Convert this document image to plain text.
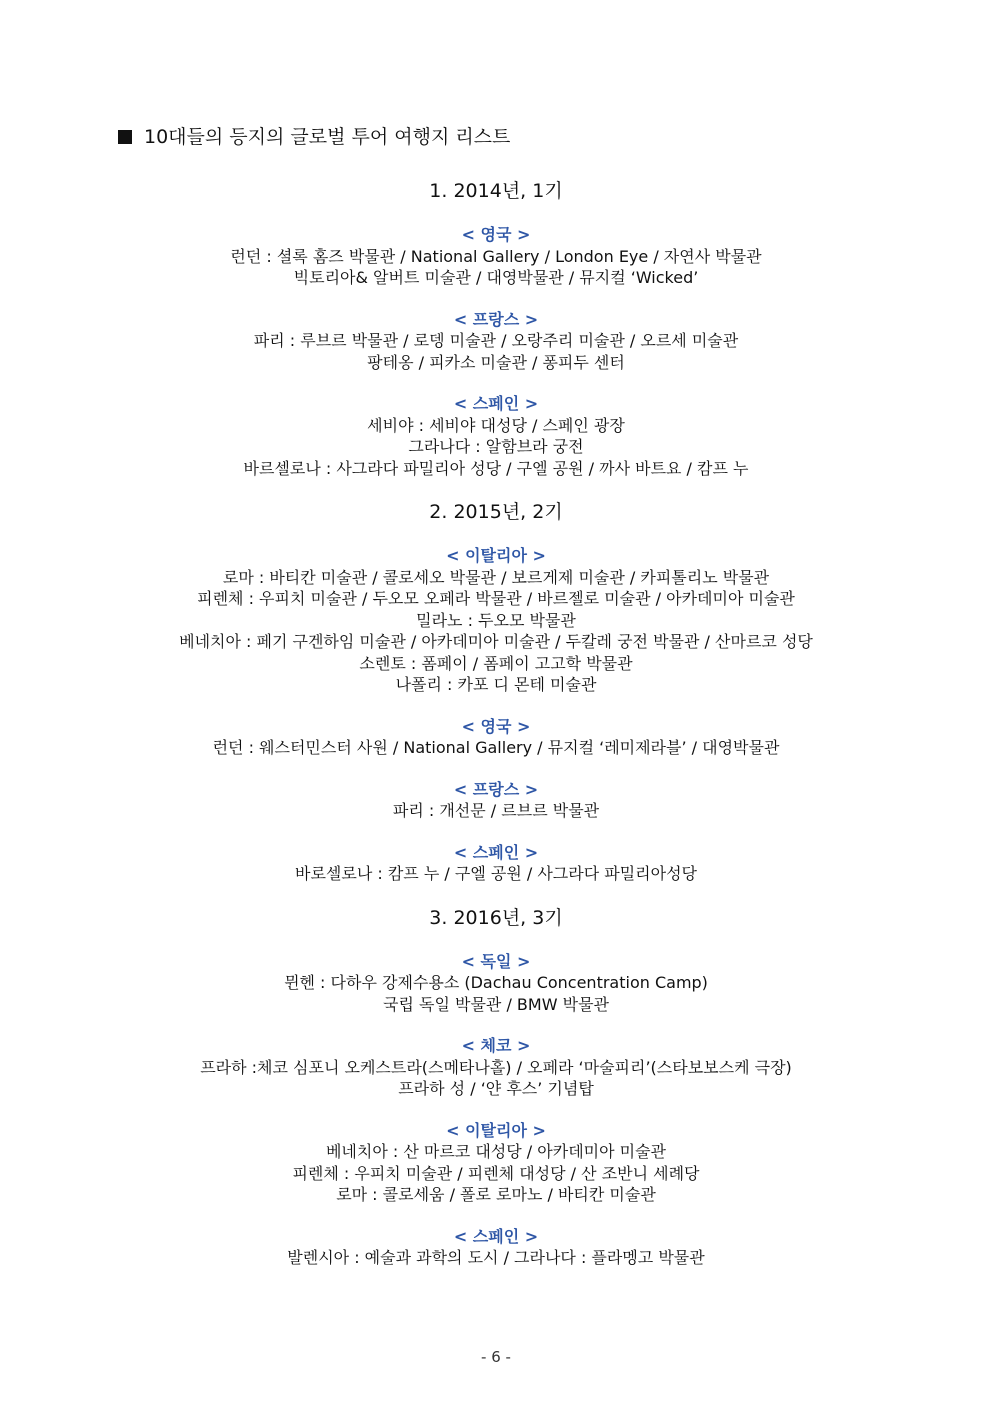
10대들의 등지의 글로벌 투어 여행지 리스트
1. 2014년, 1기
< 영국 >
런던 : 셜록 홈즈 박물관 / National Gallery / London Eye / 자연사 박물관
빅토리아& 알버트 미술관 / 대영박물관 / 뮤지컬 ‘Wicked’
< 프랑스 >
파리 : 루브르 박물관 / 로뎅 미술관 / 오랑주리 미술관 / 오르세 미술관
팡테옹 / 피카소 미술관 / 퐁피두 센터
< 스페인 >
세비야 : 세비야 대성당 / 스페인 광장
그라나다 : 알함브라 궁전
바르셀로나 : 사그라다 파밀리아 성당 / 구엘 공원 / 까사 바트요 / 캄프 누
2. 2015년, 2기
< 이탈리아 >
로마 : 바티칸 미술관 / 콜로세오 박물관 / 보르게제 미술관 / 카피톨리노 박물관
피렌체 : 우피치 미술관 / 두오모 오페라 박물관 / 바르젤로 미술관 / 아카데미아 미술관
밀라노 : 두오모 박물관
베네치아 : 페기 구겐하임 미술관 / 아카데미아 미술관 / 두칼레 궁전 박물관 / 산마르코 성당
소렌토 : 폼페이 / 폼페이 고고학 박물관
나폴리 : 카포 디 몬테 미술관
< 영국 >
런던 : 웨스터민스터 사원 / National Gallery / 뮤지컬 ‘레미제라블’ / 대영박물관
< 프랑스 >
파리 : 개선문 / 르브르 박물관
< 스페인 >
바로셀로나 : 캄프 누 / 구엘 공원 / 사그라다 파밀리아성당
3. 2016년, 3기
< 독일 >
뮌헨 : 다하우 강제수용소 (Dachau Concentration Camp)
국립 독일 박물관 / BMW 박물관
< 체코 >
프라하 :체코 심포니 오케스트라(스메타나홀) / 오페라 ‘마술피리’(스타보보스케 극장)
프라하 성 / ‘얀 후스’ 기념탑
< 이탈리아 >
베네치아 : 산 마르코 대성당 / 아카데미아 미술관
피렌체 : 우피치 미술관 / 피렌체 대성당 / 산 조반니 세례당
로마 : 콜로세움 / 폴로 로마노 / 바티칸 미술관
< 스페인 >
발렌시아 : 예술과 과학의 도시 / 그라나다 : 플라멩고 박물관
- 6 -
